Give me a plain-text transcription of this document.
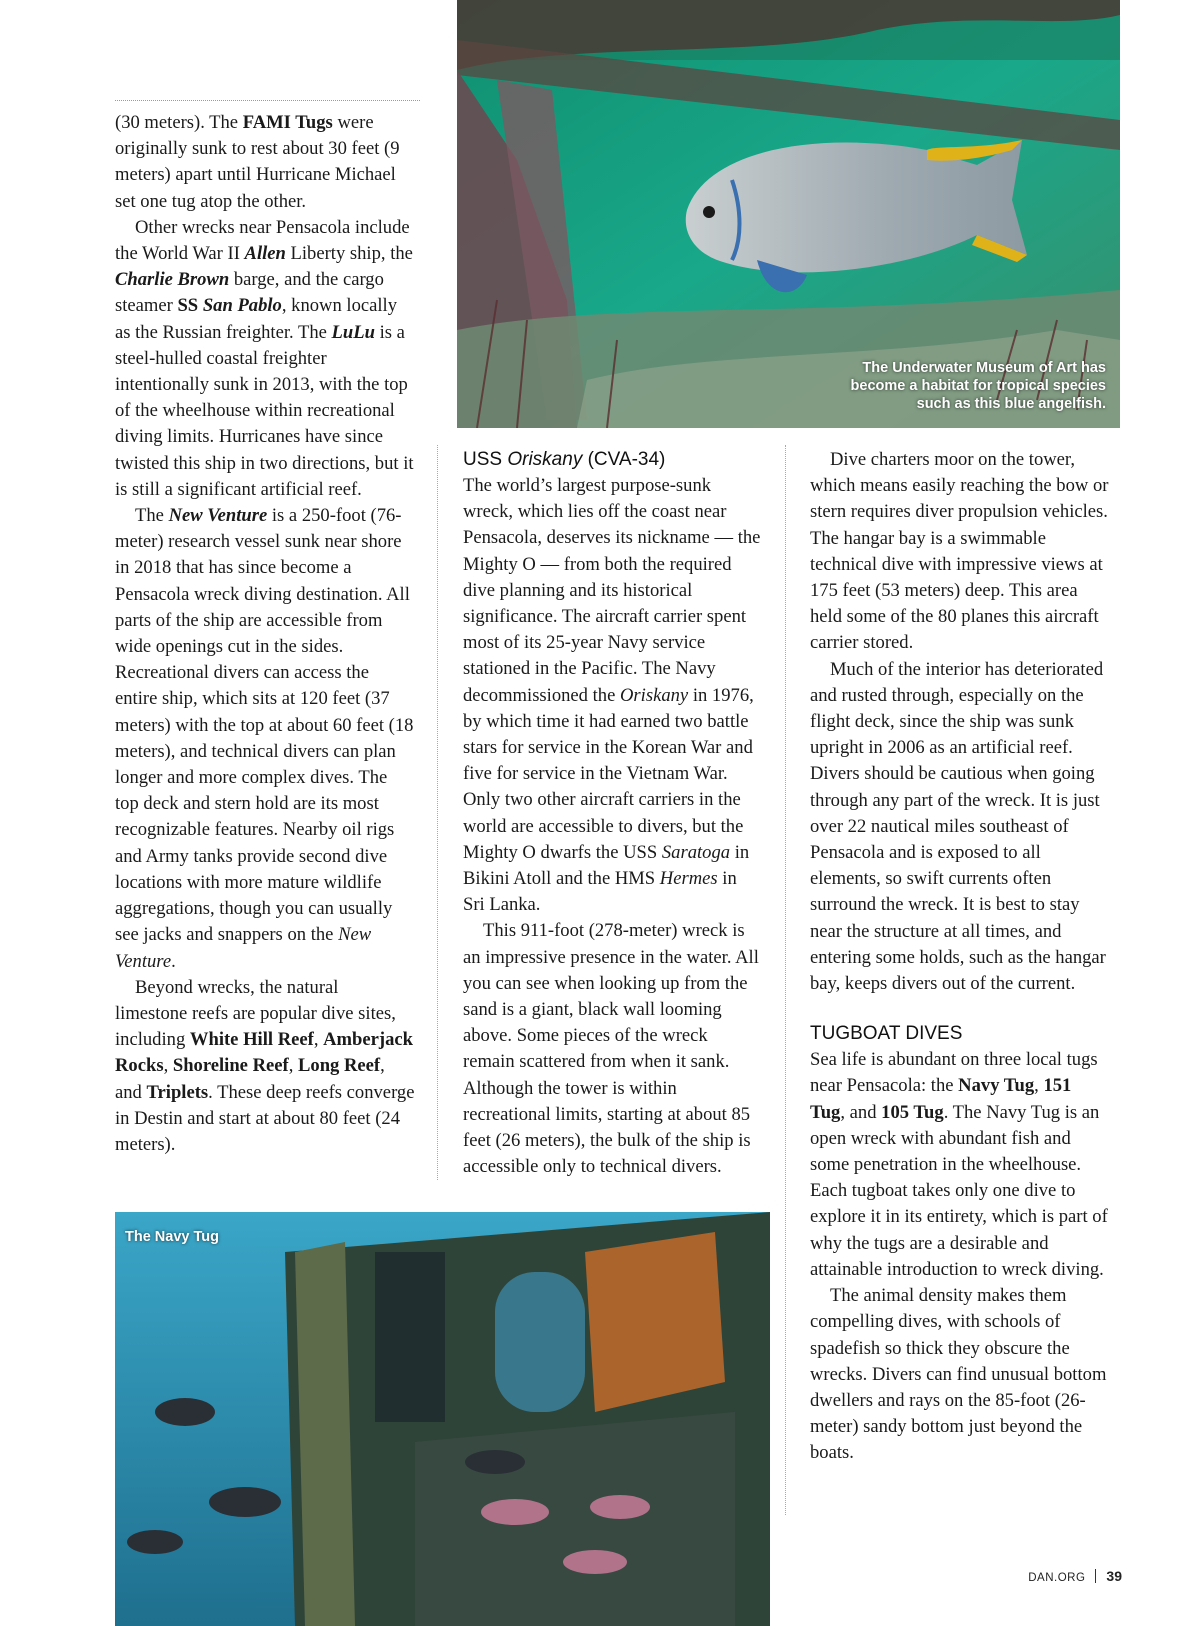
(30 meters). The FAMI Tugs were originally sunk to rest about 30 feet (9 meters) apart until Hurricane Michael set one tug atop the other.

Other wrecks near Pensacola include the World War II Allen Liberty ship, the Charlie Brown barge, and the cargo steamer SS San Pablo, known locally as the Russian freighter. The LuLu is a steel-hulled coastal freighter intentionally sunk in 2013, with the top of the wheelhouse within recreational diving limits. Hurricanes have since twisted this ship in two directions, but it is still a significant artificial reef.

The New Venture is a 250-foot (76-meter) research vessel sunk near shore in 2018 that has since become a Pensacola wreck diving destination. All parts of the ship are accessible from wide openings cut in the sides. Recreational divers can access the entire ship, which sits at 120 feet (37 meters) with the top at about 60 feet (18 meters), and technical divers can plan longer and more complex dives. The top deck and stern hold are its most recognizable features. Nearby oil rigs and Army tanks provide second dive locations with more mature wildlife aggregations, though you can usually see jacks and snappers on the New Venture.

Beyond wrecks, the natural limestone reefs are popular dive sites, including White Hill Reef, Amberjack Rocks, Shoreline Reef, Long Reef, and Triplets. These deep reefs converge in Destin and start at about 80 feet (24 meters).

The Underwater Museum of Art has
become a habitat for tropical species
such as this blue angelfish.
USS Oriskany (CVA-34)

The world’s largest purpose-sunk wreck, which lies off the coast near Pensacola, deserves its nickname — the Mighty O — from both the required dive planning and its historical significance. The aircraft carrier spent most of its 25-year Navy service stationed in the Pacific. The Navy decommissioned the Oriskany in 1976, by which time it had earned two battle stars for service in the Korean War and five for service in the Vietnam War. Only two other aircraft carriers in the world are accessible to divers, but the Mighty O dwarfs the USS Saratoga in Bikini Atoll and the HMS Hermes in Sri Lanka.

This 911-foot (278-meter) wreck is an impressive presence in the water. All you can see when looking up from the sand is a giant, black wall looming above. Some pieces of the wreck remain scattered from when it sank. Although the tower is within recreational limits, starting at about 85 feet (26 meters), the bulk of the ship is accessible only to technical divers.

Dive charters moor on the tower, which means easily reaching the bow or stern requires diver propulsion vehicles. The hangar bay is a swimmable technical dive with impressive views at 175 feet (53 meters) deep. This area held some of the 80 planes this aircraft carrier stored.

Much of the interior has deteriorated and rusted through, especially on the flight deck, since the ship was sunk upright in 2006 as an artificial reef. Divers should be cautious when going through any part of the wreck. It is just over 22 nautical miles southeast of Pensacola and is exposed to all elements, so swift currents often surround the wreck. It is best to stay near the structure at all times, and entering some holds, such as the hangar bay, keeps divers out of the current.

TUGBOAT DIVES

Sea life is abundant on three local tugs near Pensacola: the Navy Tug, 151 Tug, and 105 Tug. The Navy Tug is an open wreck with abundant fish and some penetration in the wheelhouse. Each tugboat takes only one dive to explore it in its entirety, which is part of why the tugs are a desirable and attainable introduction to wreck diving.

The animal density makes them compelling dives, with schools of spadefish so thick they obscure the wrecks. Divers can find unusual bottom dwellers and rays on the 85-foot (26-meter) sandy bottom just beyond the boats.

The Navy Tug
DAN.ORG 39
